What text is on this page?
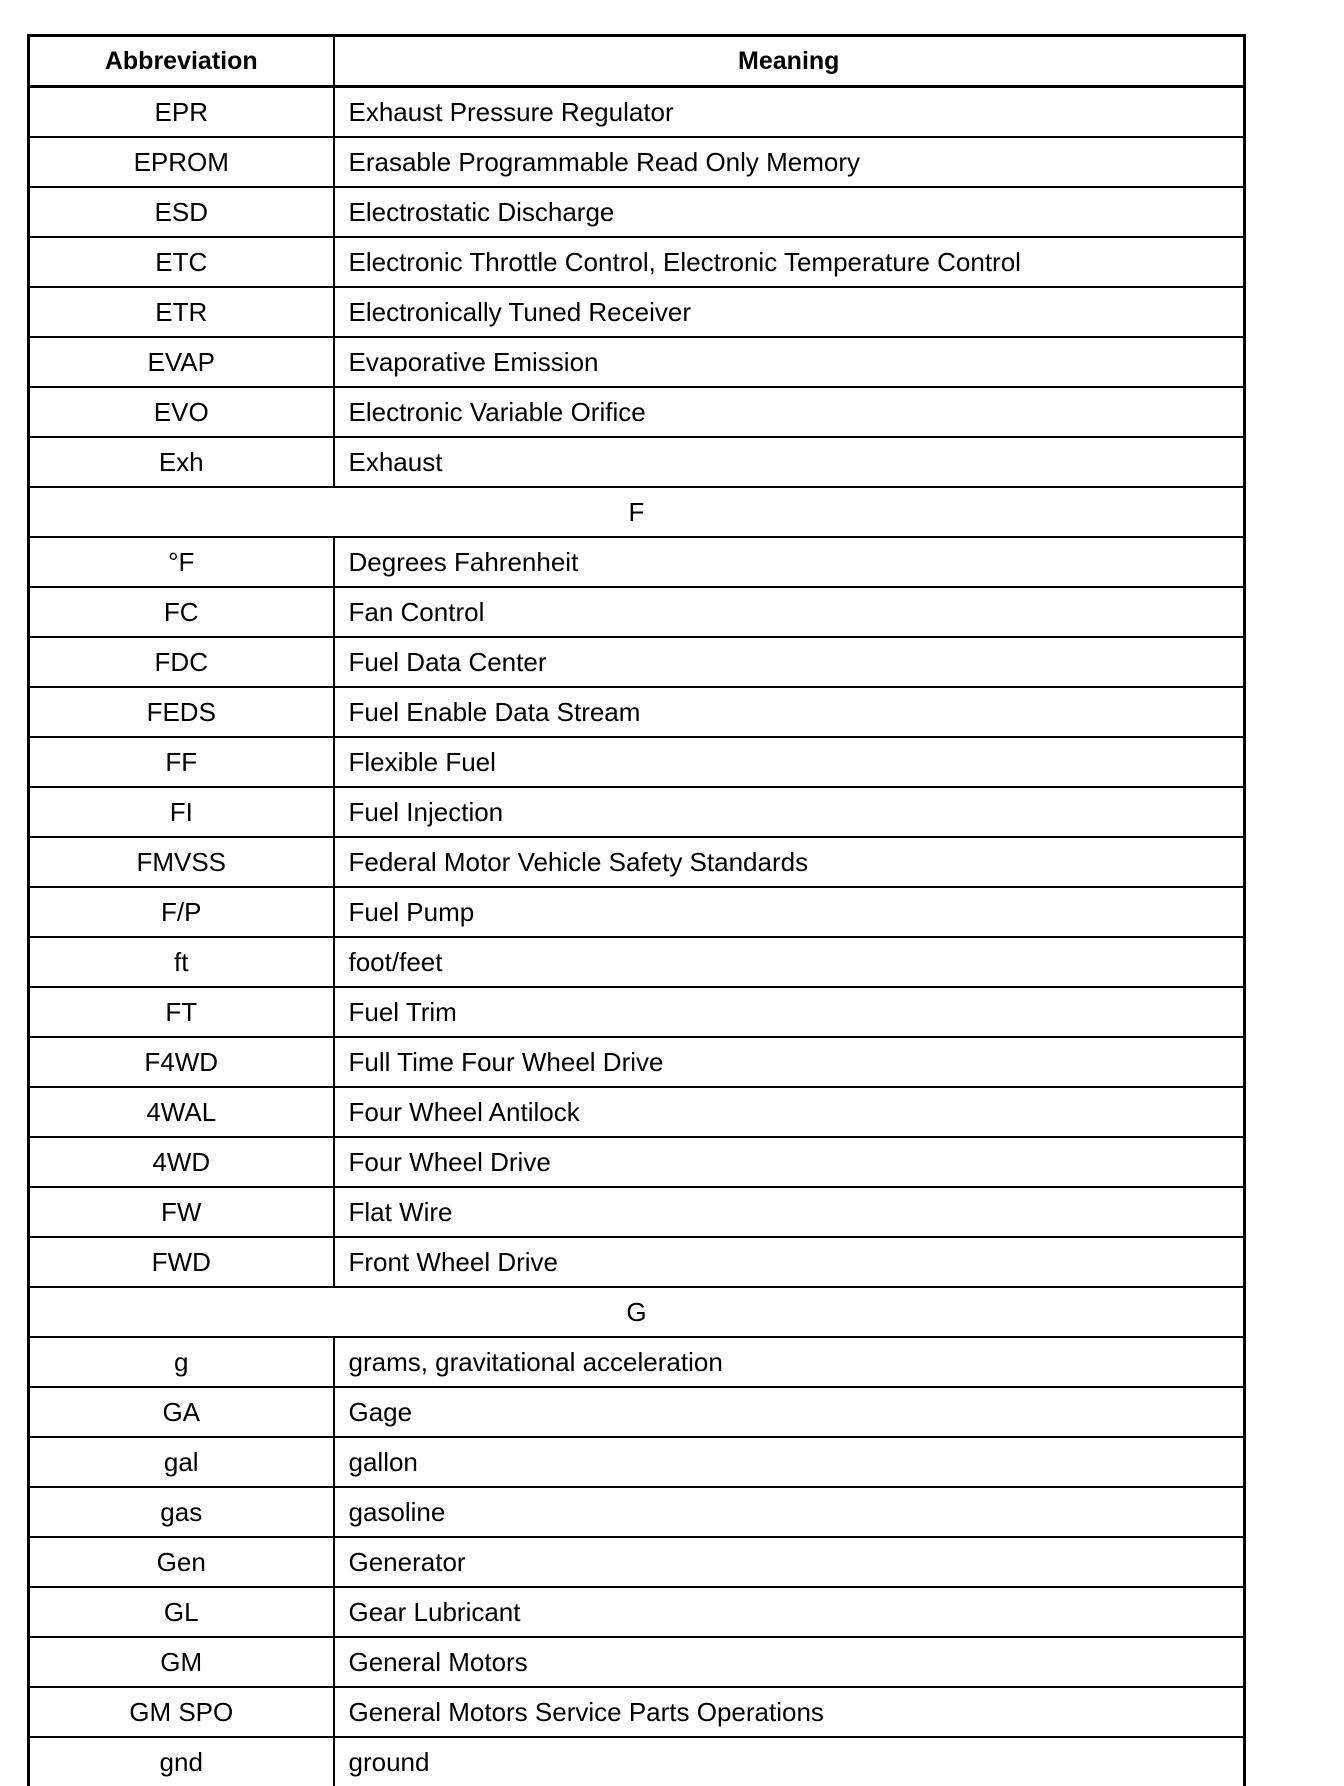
Abbreviation	Meaning
EPR	Exhaust Pressure Regulator
EPROM	Erasable Programmable Read Only Memory
ESD	Electrostatic Discharge
ETC	Electronic Throttle Control, Electronic Temperature Control
ETR	Electronically Tuned Receiver
EVAP	Evaporative Emission
EVO	Electronic Variable Orifice
Exh	Exhaust
F	
°F	Degrees Fahrenheit
FC	Fan Control
FDC	Fuel Data Center
FEDS	Fuel Enable Data Stream
FF	Flexible Fuel
FI	Fuel Injection
FMVSS	Federal Motor Vehicle Safety Standards
F/P	Fuel Pump
ft	foot/feet
FT	Fuel Trim
F4WD	Full Time Four Wheel Drive
4WAL	Four Wheel Antilock
4WD	Four Wheel Drive
FW	Flat Wire
FWD	Front Wheel Drive
G	
g	grams, gravitational acceleration
GA	Gage
gal	gallon
gas	gasoline
Gen	Generator
GL	Gear Lubricant
GM	General Motors
GM SPO	General Motors Service Parts Operations
gnd	ground
